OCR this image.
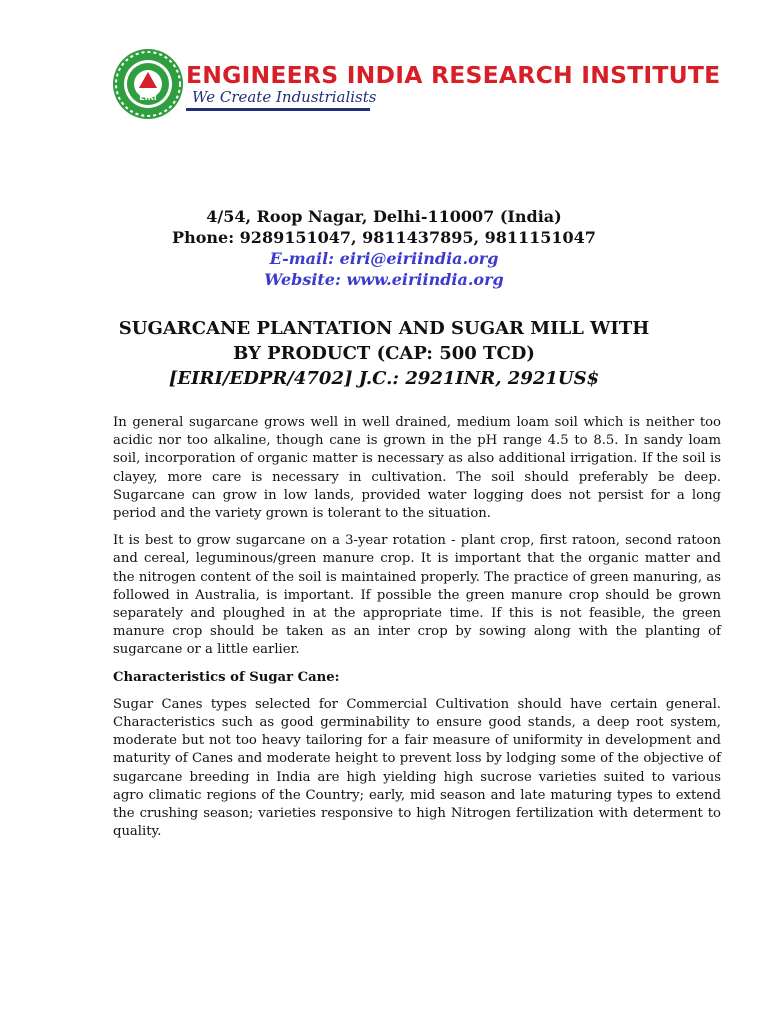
EIRI
ENGINEERS INDIA RESEARCH INSTITUTE
We Create Industrialists
4/54, Roop Nagar, Delhi-110007 (India)
Phone: 9289151047, 9811437895, 9811151047
E-mail: eiri@eiriindia.org
Website: www.eiriindia.org
SUGARCANE PLANTATION AND SUGAR MILL WITH
BY PRODUCT (CAP: 500 TCD)
[EIRI/EDPR/4702] J.C.: 2921INR, 2921US$

In general sugarcane grows well in well drained, medium loam soil which is neither too acidic nor too alkaline, though cane is grown in the pH range 4.5 to 8.5. In sandy loam soil, incorporation of organic matter is necessary as also additional irrigation. If the soil is clayey, more care is necessary in cultivation. The soil should preferably be deep. Sugarcane can grow in low lands, provided water logging does not persist for a long period and the variety grown is tolerant to the situation.

It is best to grow sugarcane on a 3-year rotation - plant crop, first ratoon, second ratoon and cereal, leguminous/green manure crop. It is important that the organic matter and the nitrogen content of the soil is maintained properly. The practice of green manuring, as followed in Australia, is important. If possible the green manure crop should be grown separately and ploughed in at the appropriate time. If this is not feasible, the green manure crop should be taken as an inter crop by sowing along with the planting of sugarcane or a little earlier.

Characteristics of Sugar Cane:

Sugar Canes types selected for Commercial Cultivation should have certain general. Characteristics such as good germinability to ensure good stands, a deep root system, moderate but not too heavy tailoring for a fair measure of uniformity in development and maturity of Canes and moderate height to prevent loss by lodging some of the objective of sugarcane breeding in India are high yielding high sucrose varieties suited to various agro climatic regions of the Country; early, mid season and late maturing types to extend the crushing season; varieties responsive to high Nitrogen fertilization with determent to quality.
